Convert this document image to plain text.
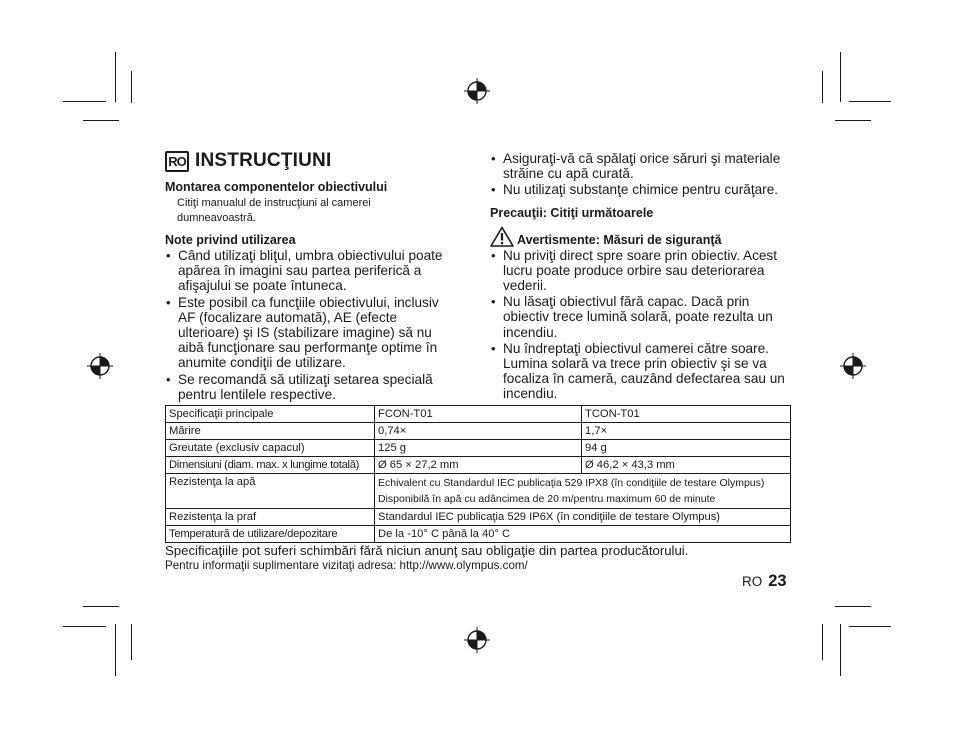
RO INSTRUCŢIUNI

Montarea componentelor obiectivului

Citiţi manualul de instrucţiuni al camerei dumneavoastră.

Note privind utilizarea

• Când utilizaţi bliţul, umbra obiectivului poate apărea în imagini sau partea periferică a afişajului se poate întuneca.
• Este posibil ca funcţiile obiectivului, inclusiv AF (focalizare automată), AE (efecte ulterioare) şi IS (stabilizare imagine) să nu aibă funcţionare sau performanţe optime în anumite condiţii de utilizare.
• Se recomandă să utilizaţi setarea specială pentru lentilele respective.
• Asiguraţi-vă că spălaţi orice săruri şi materiale străine cu apă curată.
• Nu utilizaţi substanţe chimice pentru curăţare.

Precauţii: Citiţi următoarele

Avertismente: Măsuri de siguranţă
• Nu priviţi direct spre soare prin obiectiv. Acest lucru poate produce orbire sau deteriorarea vederii.
• Nu lăsaţi obiectivul fără capac. Dacă prin obiectiv trece lumină solară, poate rezulta un incendiu.
• Nu îndreptaţi obiectivul camerei către soare. Lumina solară va trece prin obiectiv şi se va focaliza în cameră, cauzând defectarea sau un incendiu.
Specificaţii principale	FCON-T01	TCON-T01
Mărire	0,74×	1,7×
Greutate (exclusiv capacul)	125 g	94 g
Dimensiuni (diam. max. x lungime totală)	Ø 65 × 27,2 mm	Ø 46,2 × 43,3 mm
Rezistenţa la apă	Echivalent cu Standardul IEC publicaţia 529 IPX8 (în condiţiile de testare Olympus)
Disponibilă în apă cu adâncimea de 20 m/pentru maximum 60 de minute	

Rezistenţa la praf	Standardul IEC publicaţia 529 IP6X (în condiţiile de testare Olympus)	
Temperatură de utilizare/depozitare	De la -10° C până la 40° C	
Specificaţiile pot suferi schimbări fără niciun anunţ sau obligaţie din partea producătorului.
Pentru informaţii suplimentare vizitaţi adresa: http://www.olympus.com/
RO 23
